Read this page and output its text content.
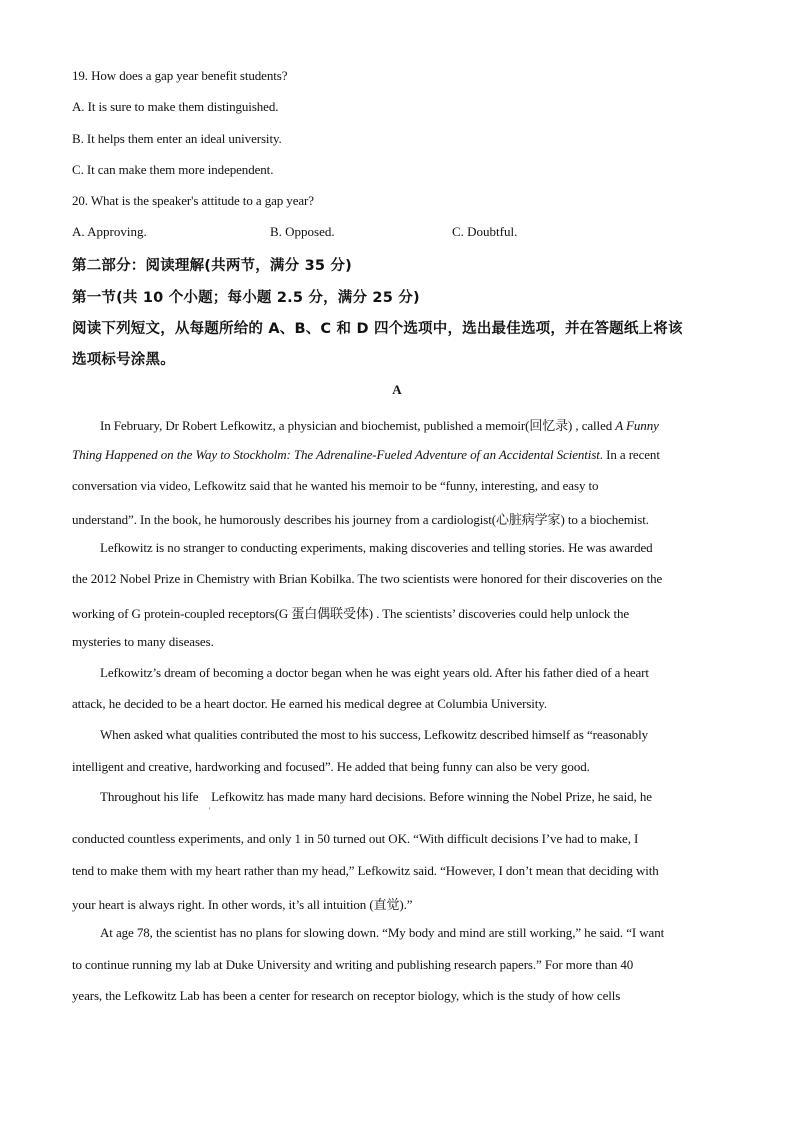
19. How does a gap year benefit students?
A. It is sure to make them distinguished.
B. It helps them enter an ideal university.
C. It can make them more independent.
20. What is the speaker's attitude to a gap year?
A. Approving.	B. Opposed.	C. Doubtful.
第二部分：阅读理解(共两节，满分 35 分)
第一节(共 10 个小题；每小题 2.5 分，满分 25 分)
阅读下列短文，从每题所给的 A、B、C 和 D 四个选项中，选出最佳选项，并在答题纸上将该
选项标号涂黑。
A
In February, Dr Robert Lefkowitz, a physician and biochemist, published a memoir(回忆录) , called A Funny
Thing Happened on the Way to Stockholm: The Adrenaline-Fueled Adventure of an Accidental Scientist. In a recent
conversation via video, Lefkowitz said that he wanted his memoir to be “funny, interesting, and easy to
understand”. In the book, he humorously describes his journey from a cardiologist(心脏病学家) to a biochemist.
Lefkowitz is no stranger to conducting experiments, making discoveries and telling stories. He was awarded
the 2012 Nobel Prize in Chemistry with Brian Kobilka. The two scientists were honored for their discoveries on the
working of G protein-coupled receptors(G 蛋白偶联受体) . The scientists’ discoveries could help unlock the
mysteries to many diseases.
Lefkowitz’s dream of becoming a doctor began when he was eight years old. After his father died of a heart
attack, he decided to be a heart doctor. He earned his medical degree at Columbia University.
When asked what qualities contributed the most to his success, Lefkowitz described himself as “reasonably
intelligent and creative, hardworking and focused”. He added that being funny can also be very good.
Throughout his life Lefkowitz has made many hard decisions. Before winning the Nobel Prize, he said, he
'
conducted countless experiments, and only 1 in 50 turned out OK. “With difficult decisions I’ve had to make, I
tend to make them with my heart rather than my head,” Lefkowitz said. “However, I don’t mean that deciding with
your heart is always right. In other words, it’s all intuition (直觉).”
At age 78, the scientist has no plans for slowing down. “My body and mind are still working,” he said. “I want
to continue running my lab at Duke University and writing and publishing research papers.” For more than 40
years, the Lefkowitz Lab has been a center for research on receptor biology, which is the study of how cells
